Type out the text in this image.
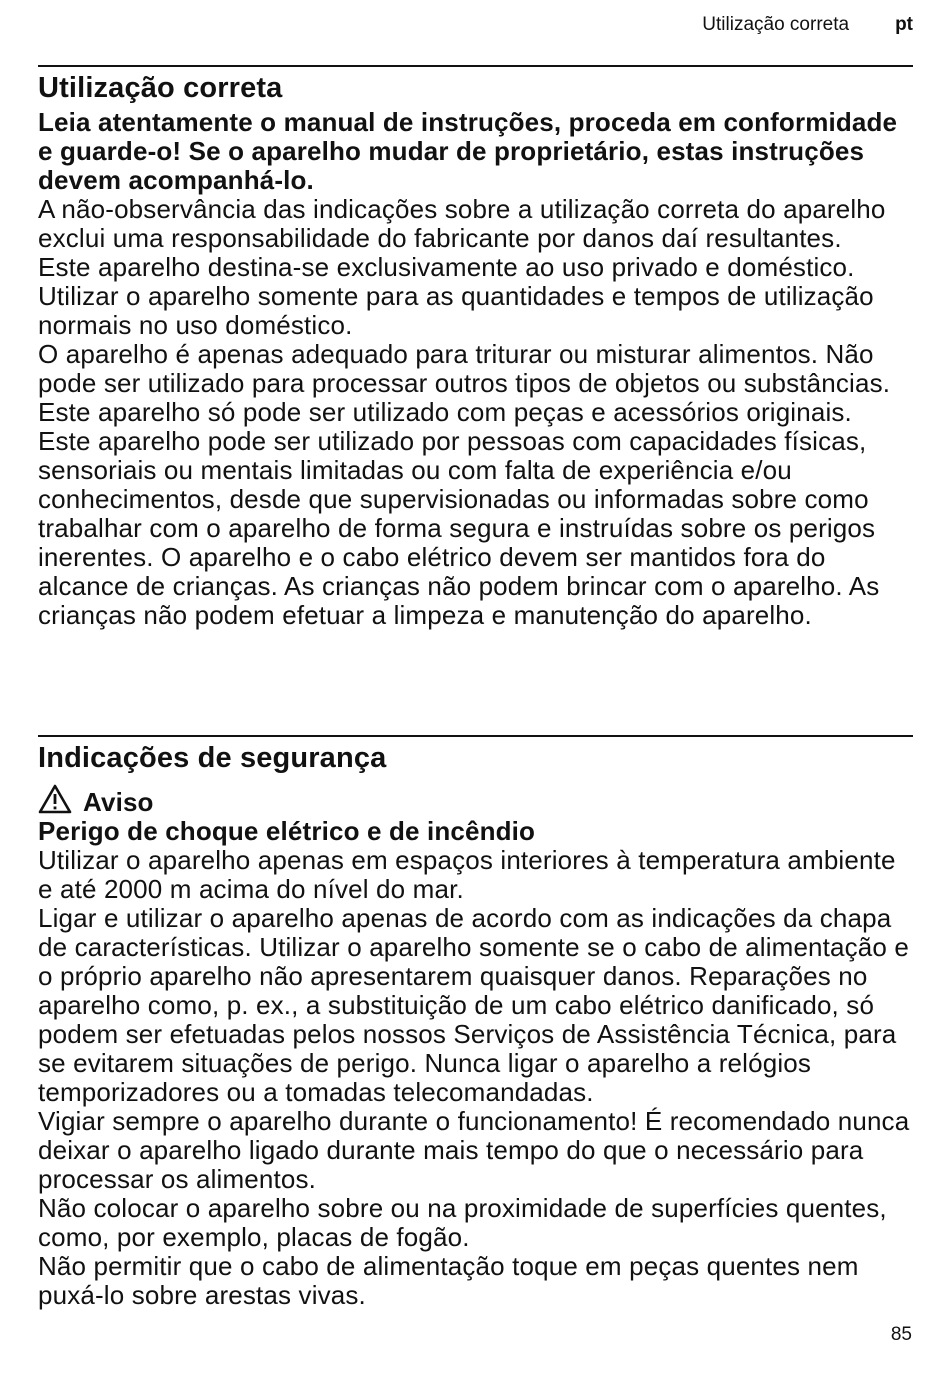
Utilização correta pt
Utilização correta

Leia atentamente o manual de instruções, proceda em conformidade e guarde-o! Se o aparelho mudar de proprietário, estas instruções devem acompanhá-lo.

A não-observância das indicações sobre a utilização correta do aparelho exclui uma responsabilidade do fabricante por danos daí resultantes.

Este aparelho destina-se exclusivamente ao uso privado e doméstico. Utilizar o aparelho somente para as quantidades e tempos de utilização normais no uso doméstico.

O aparelho é apenas adequado para triturar ou misturar alimentos. Não pode ser utilizado para processar outros tipos de objetos ou substâncias. Este aparelho só pode ser utilizado com peças e acessórios originais.

Este aparelho pode ser utilizado por pessoas com capacidades físicas, sensoriais ou mentais limitadas ou com falta de experiência e/ou conhecimentos, desde que supervisionadas ou informadas sobre como trabalhar com o aparelho de forma segura e instruídas sobre os perigos inerentes. O aparelho e o cabo elétrico devem ser mantidos fora do alcance de crianças. As crianças não podem brincar com o aparelho. As crianças não podem efetuar a limpeza e manutenção do aparelho.

Indicações de segurança
Aviso

Perigo de choque elétrico e de incêndio

Utilizar o aparelho apenas em espaços interiores à temperatura ambiente e até 2000 m acima do nível do mar.

Ligar e utilizar o aparelho apenas de acordo com as indicações da chapa de características. Utilizar o aparelho somente se o cabo de alimentação e o próprio aparelho não apresentarem quaisquer danos. Reparações no aparelho como, p. ex., a substituição de um cabo elétrico danificado, só podem ser efetuadas pelos nossos Serviços de Assistência Técnica, para se evitarem situações de perigo. Nunca ligar o aparelho a relógios temporizadores ou a tomadas telecomandadas.

Vigiar sempre o aparelho durante o funcionamento! É recomendado nunca deixar o aparelho ligado durante mais tempo do que o necessário para processar os alimentos.

Não colocar o aparelho sobre ou na proximidade de superfícies quentes, como, por exemplo, placas de fogão.

Não permitir que o cabo de alimentação toque em peças quentes nem puxá-lo sobre arestas vivas.

85
